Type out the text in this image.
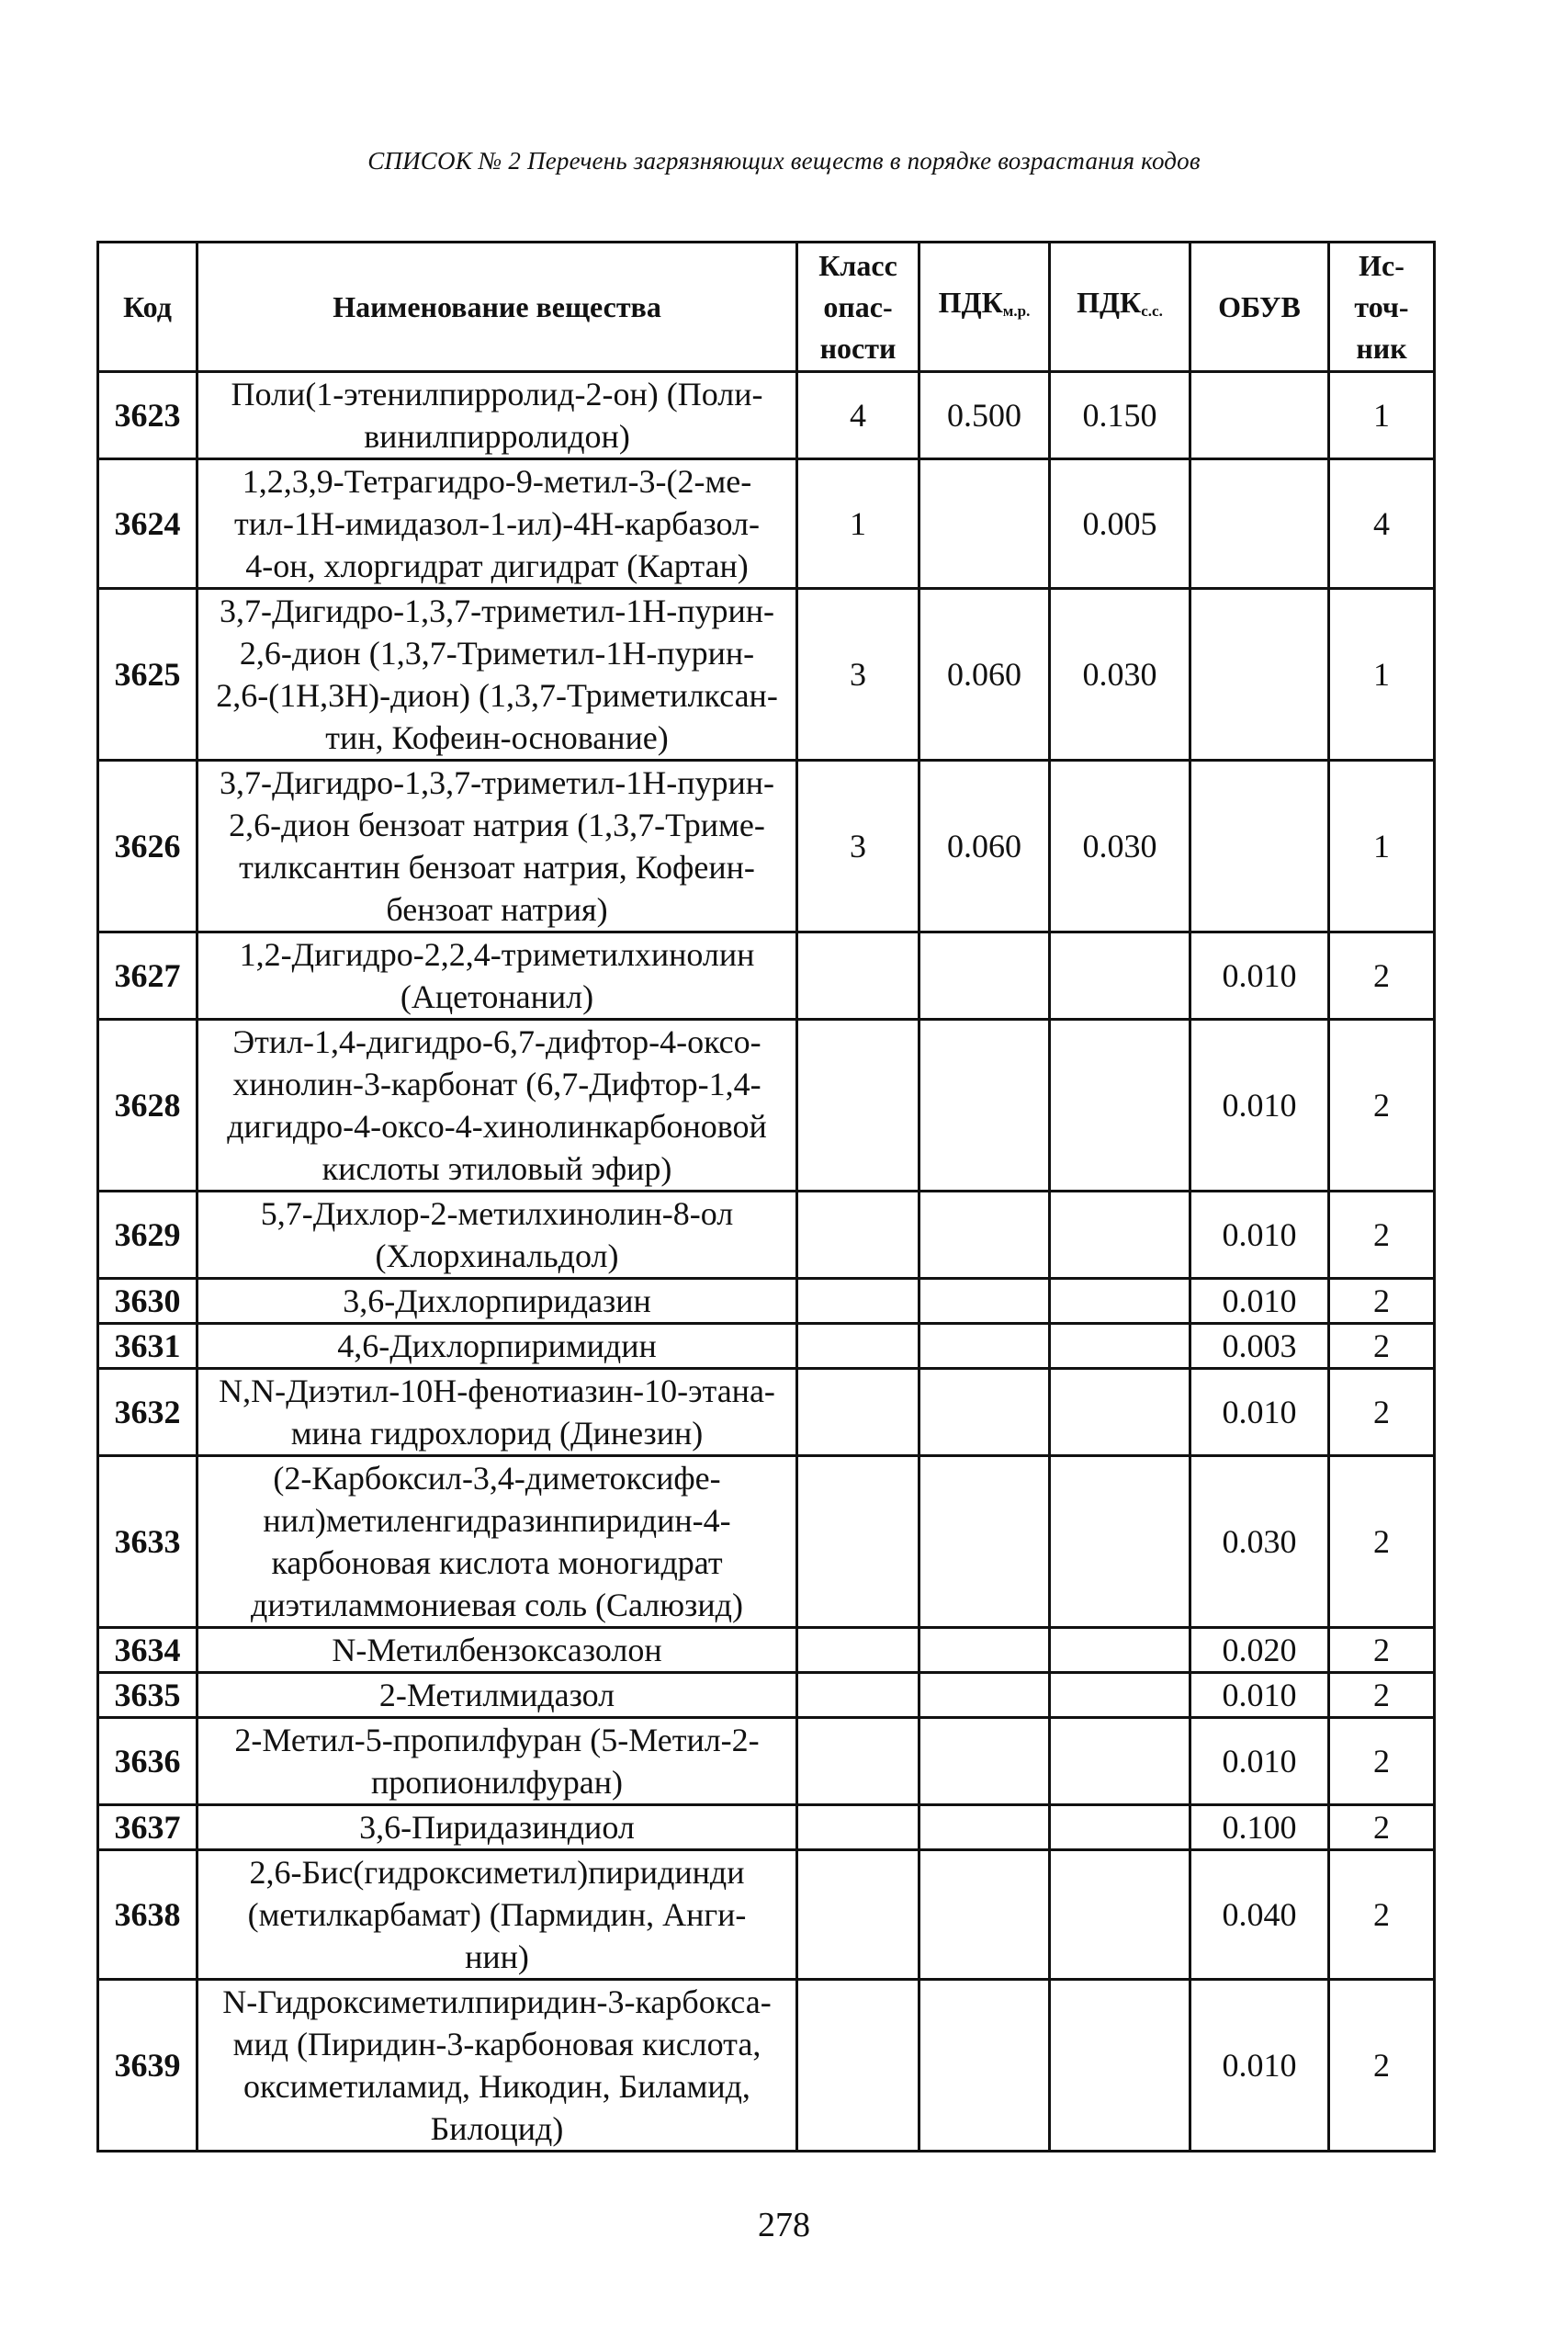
СПИСОК № 2 Перечень загрязняющих веществ в порядке возрастания кодов
Код	Наименование вещества	Класс
опас-
ности	$ПДК_{м.р.}$	$ПДК_{с.с.}$	ОБУВ	Ис-
точ-
ник
3623	Поли(1-этенилпирролид-2-он) (Поли-
винилпирролидон)	4	0.500	0.150		1
3624	1,2,3,9-Тетрагидро-9-метил-3-(2-ме-
тил-1Н-имидазол-1-ил)-4Н-карбазол-
4-он, хлоргидрат дигидрат (Картан)	1		0.005		4
3625	3,7-Дигидро-1,3,7-триметил-1Н-пурин-
2,6-дион (1,3,7-Триметил-1Н-пурин-
2,6-(1Н,3Н)-дион) (1,3,7-Триметилксан-
тин, Кофеин-основание)	3	0.060	0.030		1
3626	3,7-Дигидро-1,3,7-триметил-1Н-пурин-
2,6-дион бензоат натрия (1,3,7-Триме-
тилксантин бензоат натрия, Кофеин-
бензоат натрия)	3	0.060	0.030		1
3627	1,2-Дигидро-2,2,4-триметилхинолин
(Ацетонанил)				0.010	2
3628	Этил-1,4-дигидро-6,7-дифтор-4-оксо-
хинолин-3-карбонат (6,7-Дифтор-1,4-
дигидро-4-оксо-4-хинолинкарбоновой
кислоты этиловый эфир)				0.010	2
3629	5,7-Дихлор-2-метилхинолин-8-ол
(Хлорхинальдол)				0.010	2
3630	3,6-Дихлорпиридазин				0.010	2
3631	4,6-Дихлорпиримидин				0.003	2
3632	N,N-Диэтил-10Н-фенотиазин-10-этана-
мина гидрохлорид (Динезин)				0.010	2
3633	(2-Карбоксил-3,4-диметоксифе-
нил)метиленгидразинпиридин-4-
карбоновая кислота моногидрат
диэтиламмониевая соль (Салюзид)				0.030	2
3634	N-Метилбензоксазолон				0.020	2
3635	2-Метилмидазол				0.010	2
3636	2-Метил-5-пропилфуран (5-Метил-2-
пропионилфуран)				0.010	2
3637	3,6-Пиридазиндиол				0.100	2
3638	2,6-Бис(гидроксиметил)пиридинди
(метилкарбамат) (Пармидин, Анги-
нин)				0.040	2
3639	N-Гидроксиметилпиридин-3-карбокса-
мид (Пиридин-3-карбоновая кислота,
оксиметиламид, Никодин, Биламид,
Билоцид)				0.010	2
278
